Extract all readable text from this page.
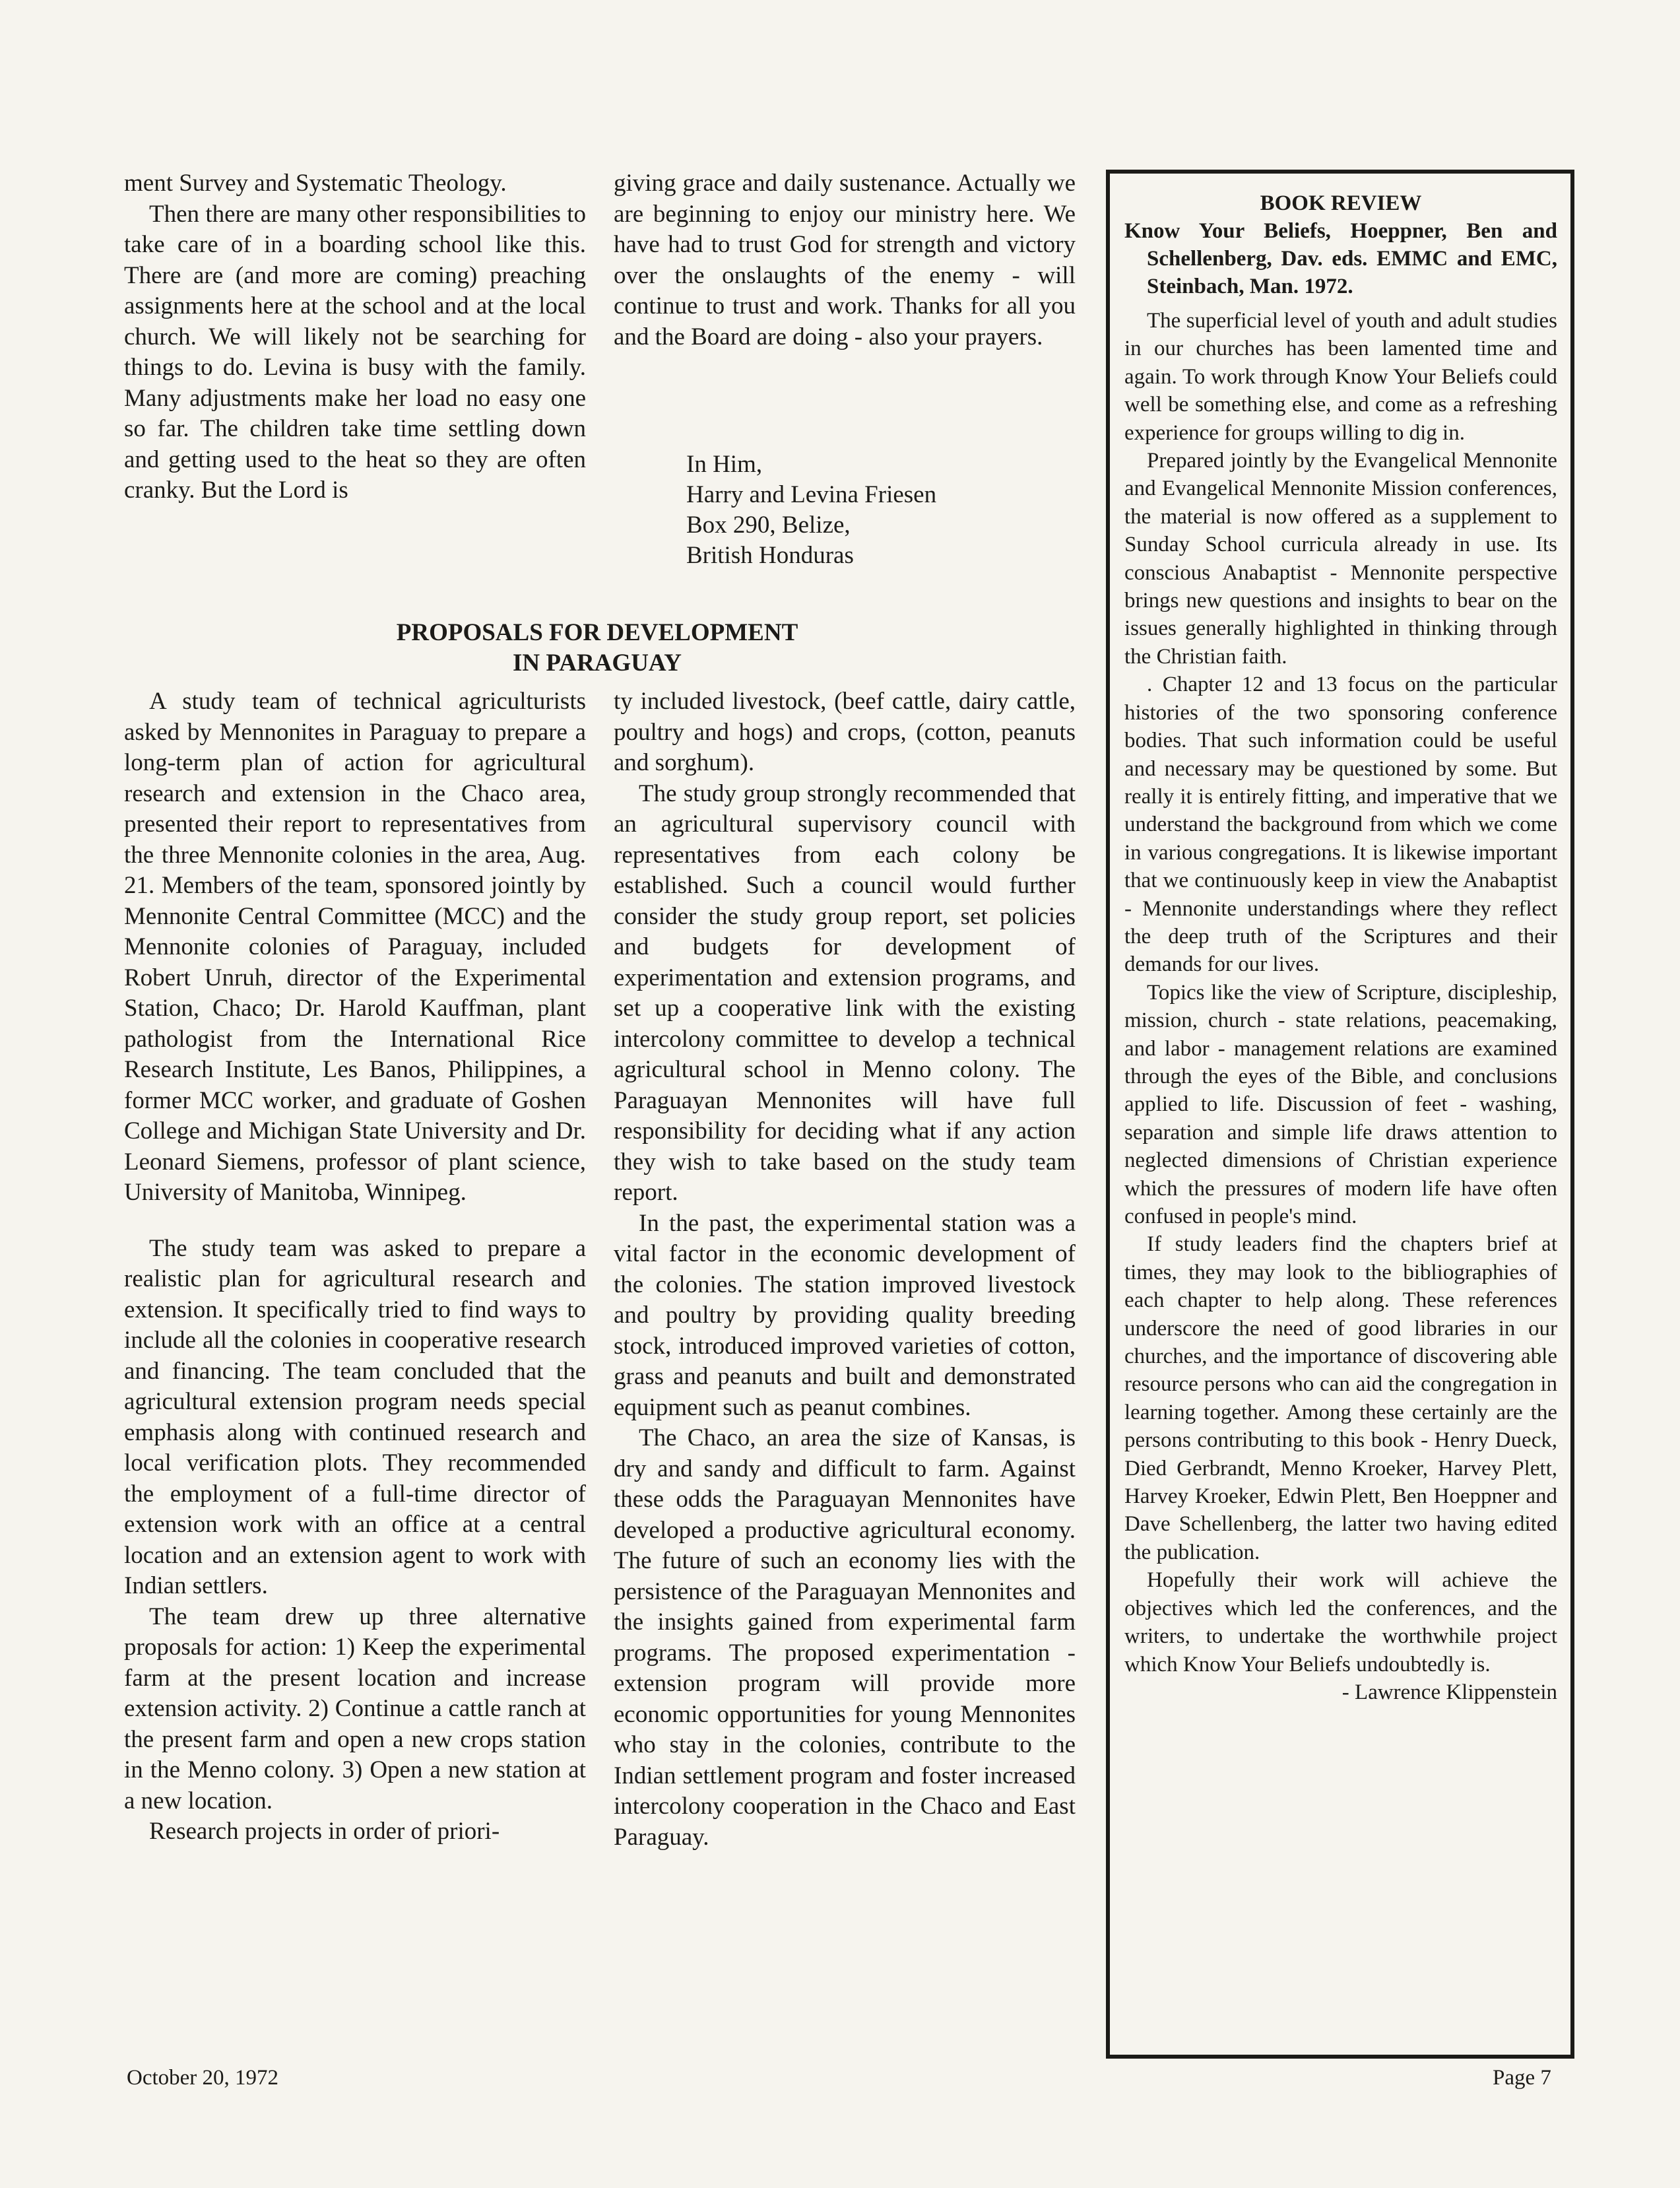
ment Survey and Systematic Theology.

Then there are many other responsibilities to take care of in a boarding school like this. There are (and more are coming) preaching assignments here at the school and at the local church. We will likely not be searching for things to do. Levina is busy with the family. Many adjustments make her load no easy one so far. The children take time settling down and getting used to the heat so they are often cranky. But the Lord is

giving grace and daily sustenance. Actually we are beginning to enjoy our ministry here. We have had to trust God for strength and victory over the onslaughts of the enemy - will continue to trust and work. Thanks for all you and the Board are doing - also your prayers.

In Him,
Harry and Levina Friesen
Box 290, Belize,
British Honduras
PROPOSALS FOR DEVELOPMENT
IN PARAGUAY

A study team of technical agriculturists asked by Mennonites in Paraguay to prepare a long-term plan of action for agricultural research and extension in the Chaco area, presented their report to representatives from the three Mennonite colonies in the area, Aug. 21. Members of the team, sponsored jointly by Mennonite Central Committee (MCC) and the Mennonite colonies of Paraguay, included Robert Unruh, director of the Experimental Station, Chaco; Dr. Harold Kauffman, plant pathologist from the International Rice Research Institute, Les Banos, Philippines, a former MCC worker, and graduate of Goshen College and Michigan State University and Dr. Leonard Siemens, professor of plant science, University of Manitoba, Winnipeg.

The study team was asked to prepare a realistic plan for agricultural research and extension. It specifically tried to find ways to include all the colonies in cooperative research and financing. The team concluded that the agricultural extension program needs special emphasis along with continued research and local verification plots. They recommended the employment of a full-time director of extension work with an office at a central location and an extension agent to work with Indian settlers.

The team drew up three alternative proposals for action: 1) Keep the experimental farm at the present location and increase extension activity. 2) Continue a cattle ranch at the present farm and open a new crops station in the Menno colony. 3) Open a new station at a new location.

Research projects in order of priori-

ty included livestock, (beef cattle, dairy cattle, poultry and hogs) and crops, (cotton, peanuts and sorghum).

The study group strongly recommended that an agricultural supervisory council with representatives from each colony be established. Such a council would further consider the study group report, set policies and budgets for development of experimentation and extension programs, and set up a cooperative link with the existing intercolony committee to develop a technical agricultural school in Menno colony. The Paraguayan Mennonites will have full responsibility for deciding what if any action they wish to take based on the study team report.

In the past, the experimental station was a vital factor in the economic development of the colonies. The station improved livestock and poultry by providing quality breeding stock, introduced improved varieties of cotton, grass and peanuts and built and demonstrated equipment such as peanut combines.

The Chaco, an area the size of Kansas, is dry and sandy and difficult to farm. Against these odds the Paraguayan Mennonites have developed a productive agricultural economy. The future of such an economy lies with the persistence of the Paraguayan Mennonites and the insights gained from experimental farm programs. The proposed experimentation - extension program will provide more economic opportunities for young Mennonites who stay in the colonies, contribute to the Indian settlement program and foster increased intercolony cooperation in the Chaco and East Paraguay.

BOOK REVIEW

Know Your Beliefs, Hoeppner, Ben and Schellenberg, Dav. eds. EMMC and EMC, Steinbach, Man. 1972.

The superficial level of youth and adult studies in our churches has been lamented time and again. To work through Know Your Beliefs could well be something else, and come as a refreshing experience for groups willing to dig in.

Prepared jointly by the Evangelical Mennonite and Evangelical Mennonite Mission conferences, the material is now offered as a supplement to Sunday School curricula already in use. Its conscious Anabaptist - Mennonite perspective brings new questions and insights to bear on the issues generally highlighted in thinking through the Christian faith.

. Chapter 12 and 13 focus on the particular histories of the two sponsoring conference bodies. That such information could be useful and necessary may be questioned by some. But really it is entirely fitting, and imperative that we understand the background from which we come in various congregations. It is likewise important that we continuously keep in view the Anabaptist - Mennonite understandings where they reflect the deep truth of the Scriptures and their demands for our lives.

Topics like the view of Scripture, discipleship, mission, church - state relations, peacemaking, and labor - management relations are examined through the eyes of the Bible, and conclusions applied to life. Discussion of feet - washing, separation and simple life draws attention to neglected dimensions of Christian experience which the pressures of modern life have often confused in people's mind.

If study leaders find the chapters brief at times, they may look to the bibliographies of each chapter to help along. These references underscore the need of good libraries in our churches, and the importance of discovering able resource persons who can aid the congregation in learning together. Among these certainly are the persons contributing to this book - Henry Dueck, Died Gerbrandt, Menno Kroeker, Harvey Plett, Harvey Kroeker, Edwin Plett, Ben Hoeppner and Dave Schellenberg, the latter two having edited the publication.

Hopefully their work will achieve the objectives which led the conferences, and the writers, to undertake the worthwhile project which Know Your Beliefs undoubtedly is.

- Lawrence Klippenstein

October 20, 1972	Page 7
